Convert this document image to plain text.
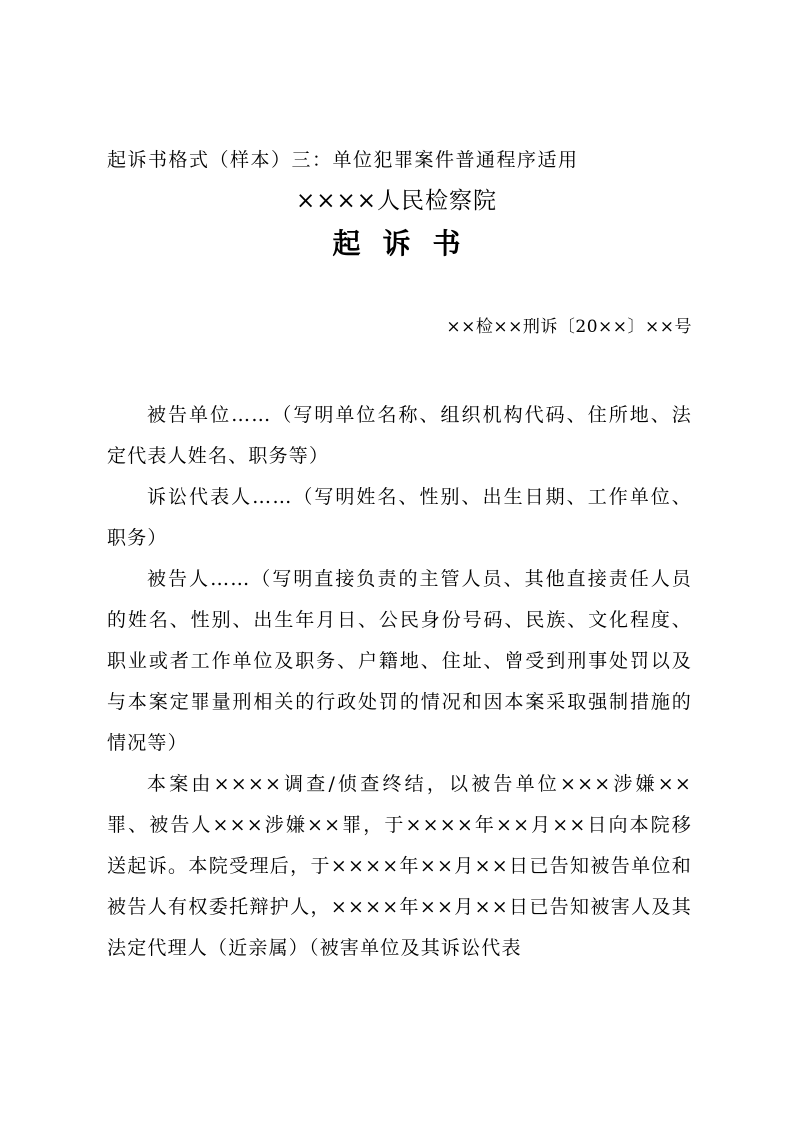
起诉书格式（样本）三：单位犯罪案件普通程序适用
××××人民检察院
起诉书
××检××刑诉〔20××〕××号

被告单位……（写明单位名称、组织机构代码、住所地、法定代表人姓名、职务等）

诉讼代表人……（写明姓名、性别、出生日期、工作单位、职务）

被告人……（写明直接负责的主管人员、其他直接责任人员的姓名、性别、出生年月日、公民身份号码、民族、文化程度、职业或者工作单位及职务、户籍地、住址、曾受到刑事处罚以及与本案定罪量刑相关的行政处罚的情况和因本案采取强制措施的情况等）

本案由××××调查/侦查终结，以被告单位×××涉嫌××罪、被告人×××涉嫌××罪，于××××年××月××日向本院移送起诉。本院受理后，于××××年××月××日已告知被告单位和被告人有权委托辩护人，××××年××月××日已告知被害人及其法定代理人（近亲属）（被害单位及其诉讼代表
